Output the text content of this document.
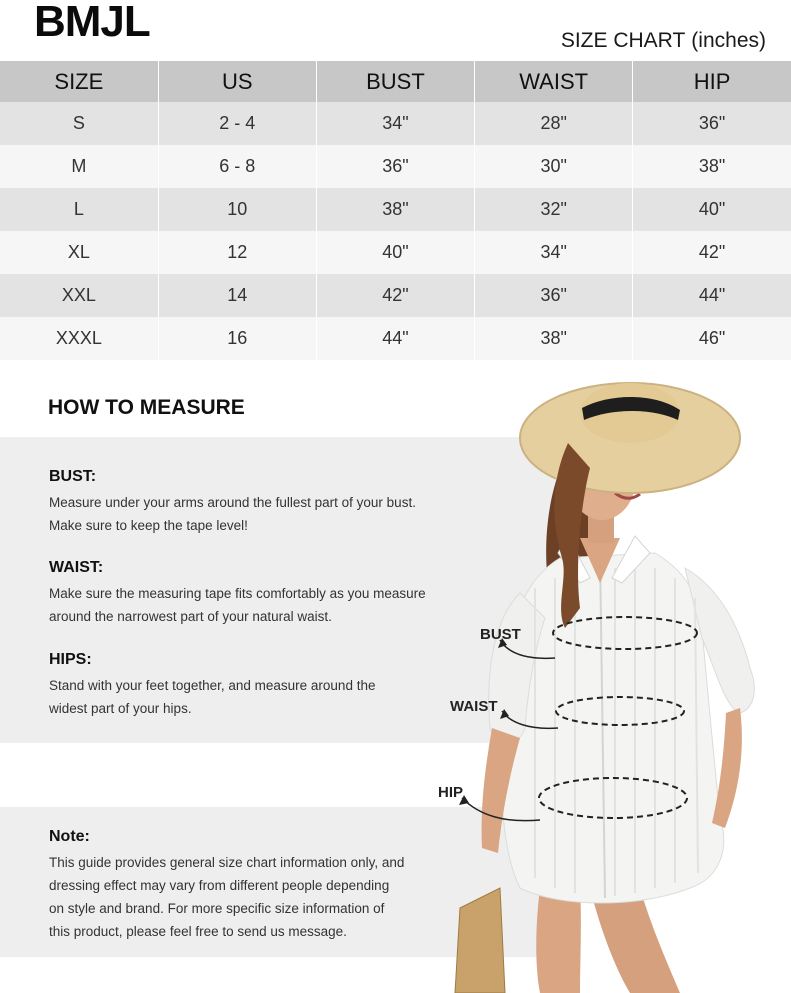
BMJL	SIZE CHART (inches)
SIZE	US	BUST	WAIST	HIP
S	2 - 4	34"	28"	36"
M	6 - 8	36"	30"	38"
L	10	38"	32"	40"
XL	12	40"	34"	42"
XXL	14	42"	36"	44"
XXXL	16	44"	38"	46"
HOW TO MEASURE
BUST:
Measure under your arms around the fullest part of your bust.
Make sure to keep the tape level!
WAIST:
Make sure the measuring tape fits comfortably as you measure
around the narrowest part of your natural waist.
HIPS:
Stand with your feet together, and measure around the
widest part of your hips.
Note:
This guide provides general size chart information only, and
dressing effect may vary from different people depending
on style and brand. For more specific size information of
this product, please feel free to send us message.
BUST
WAIST
HIP
